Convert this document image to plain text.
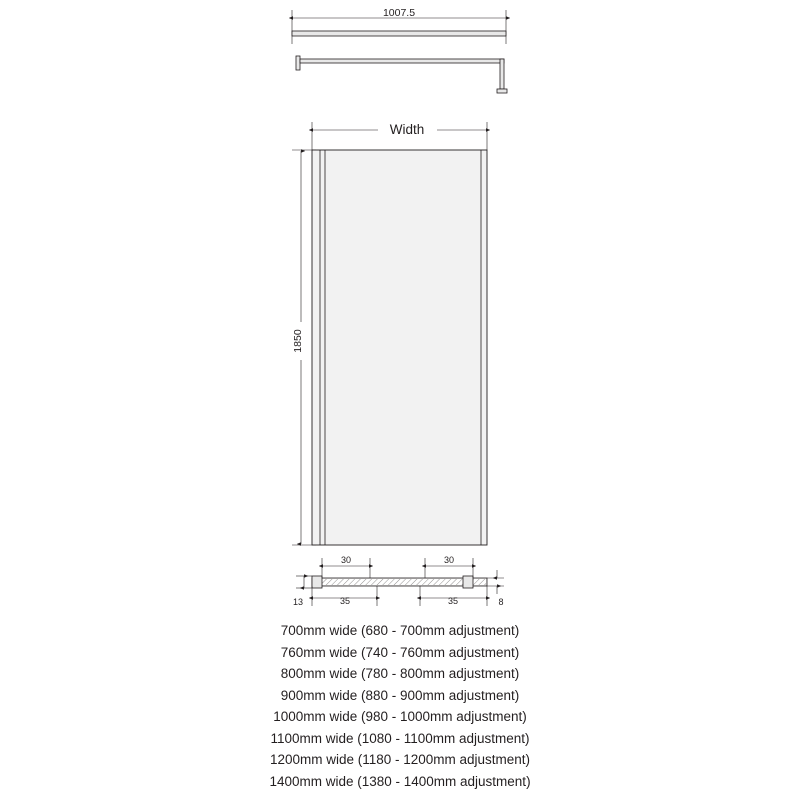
1007.5
Width
1850
30	30
35	35
13	8
700mm wide (680 - 700mm adjustment)
760mm wide (740 - 760mm adjustment)
800mm wide (780 - 800mm adjustment)
900mm wide (880 - 900mm adjustment)
1000mm wide (980 - 1000mm adjustment)
1100mm wide (1080 - 1100mm adjustment)
1200mm wide (1180 - 1200mm adjustment)
1400mm wide (1380 - 1400mm adjustment)
